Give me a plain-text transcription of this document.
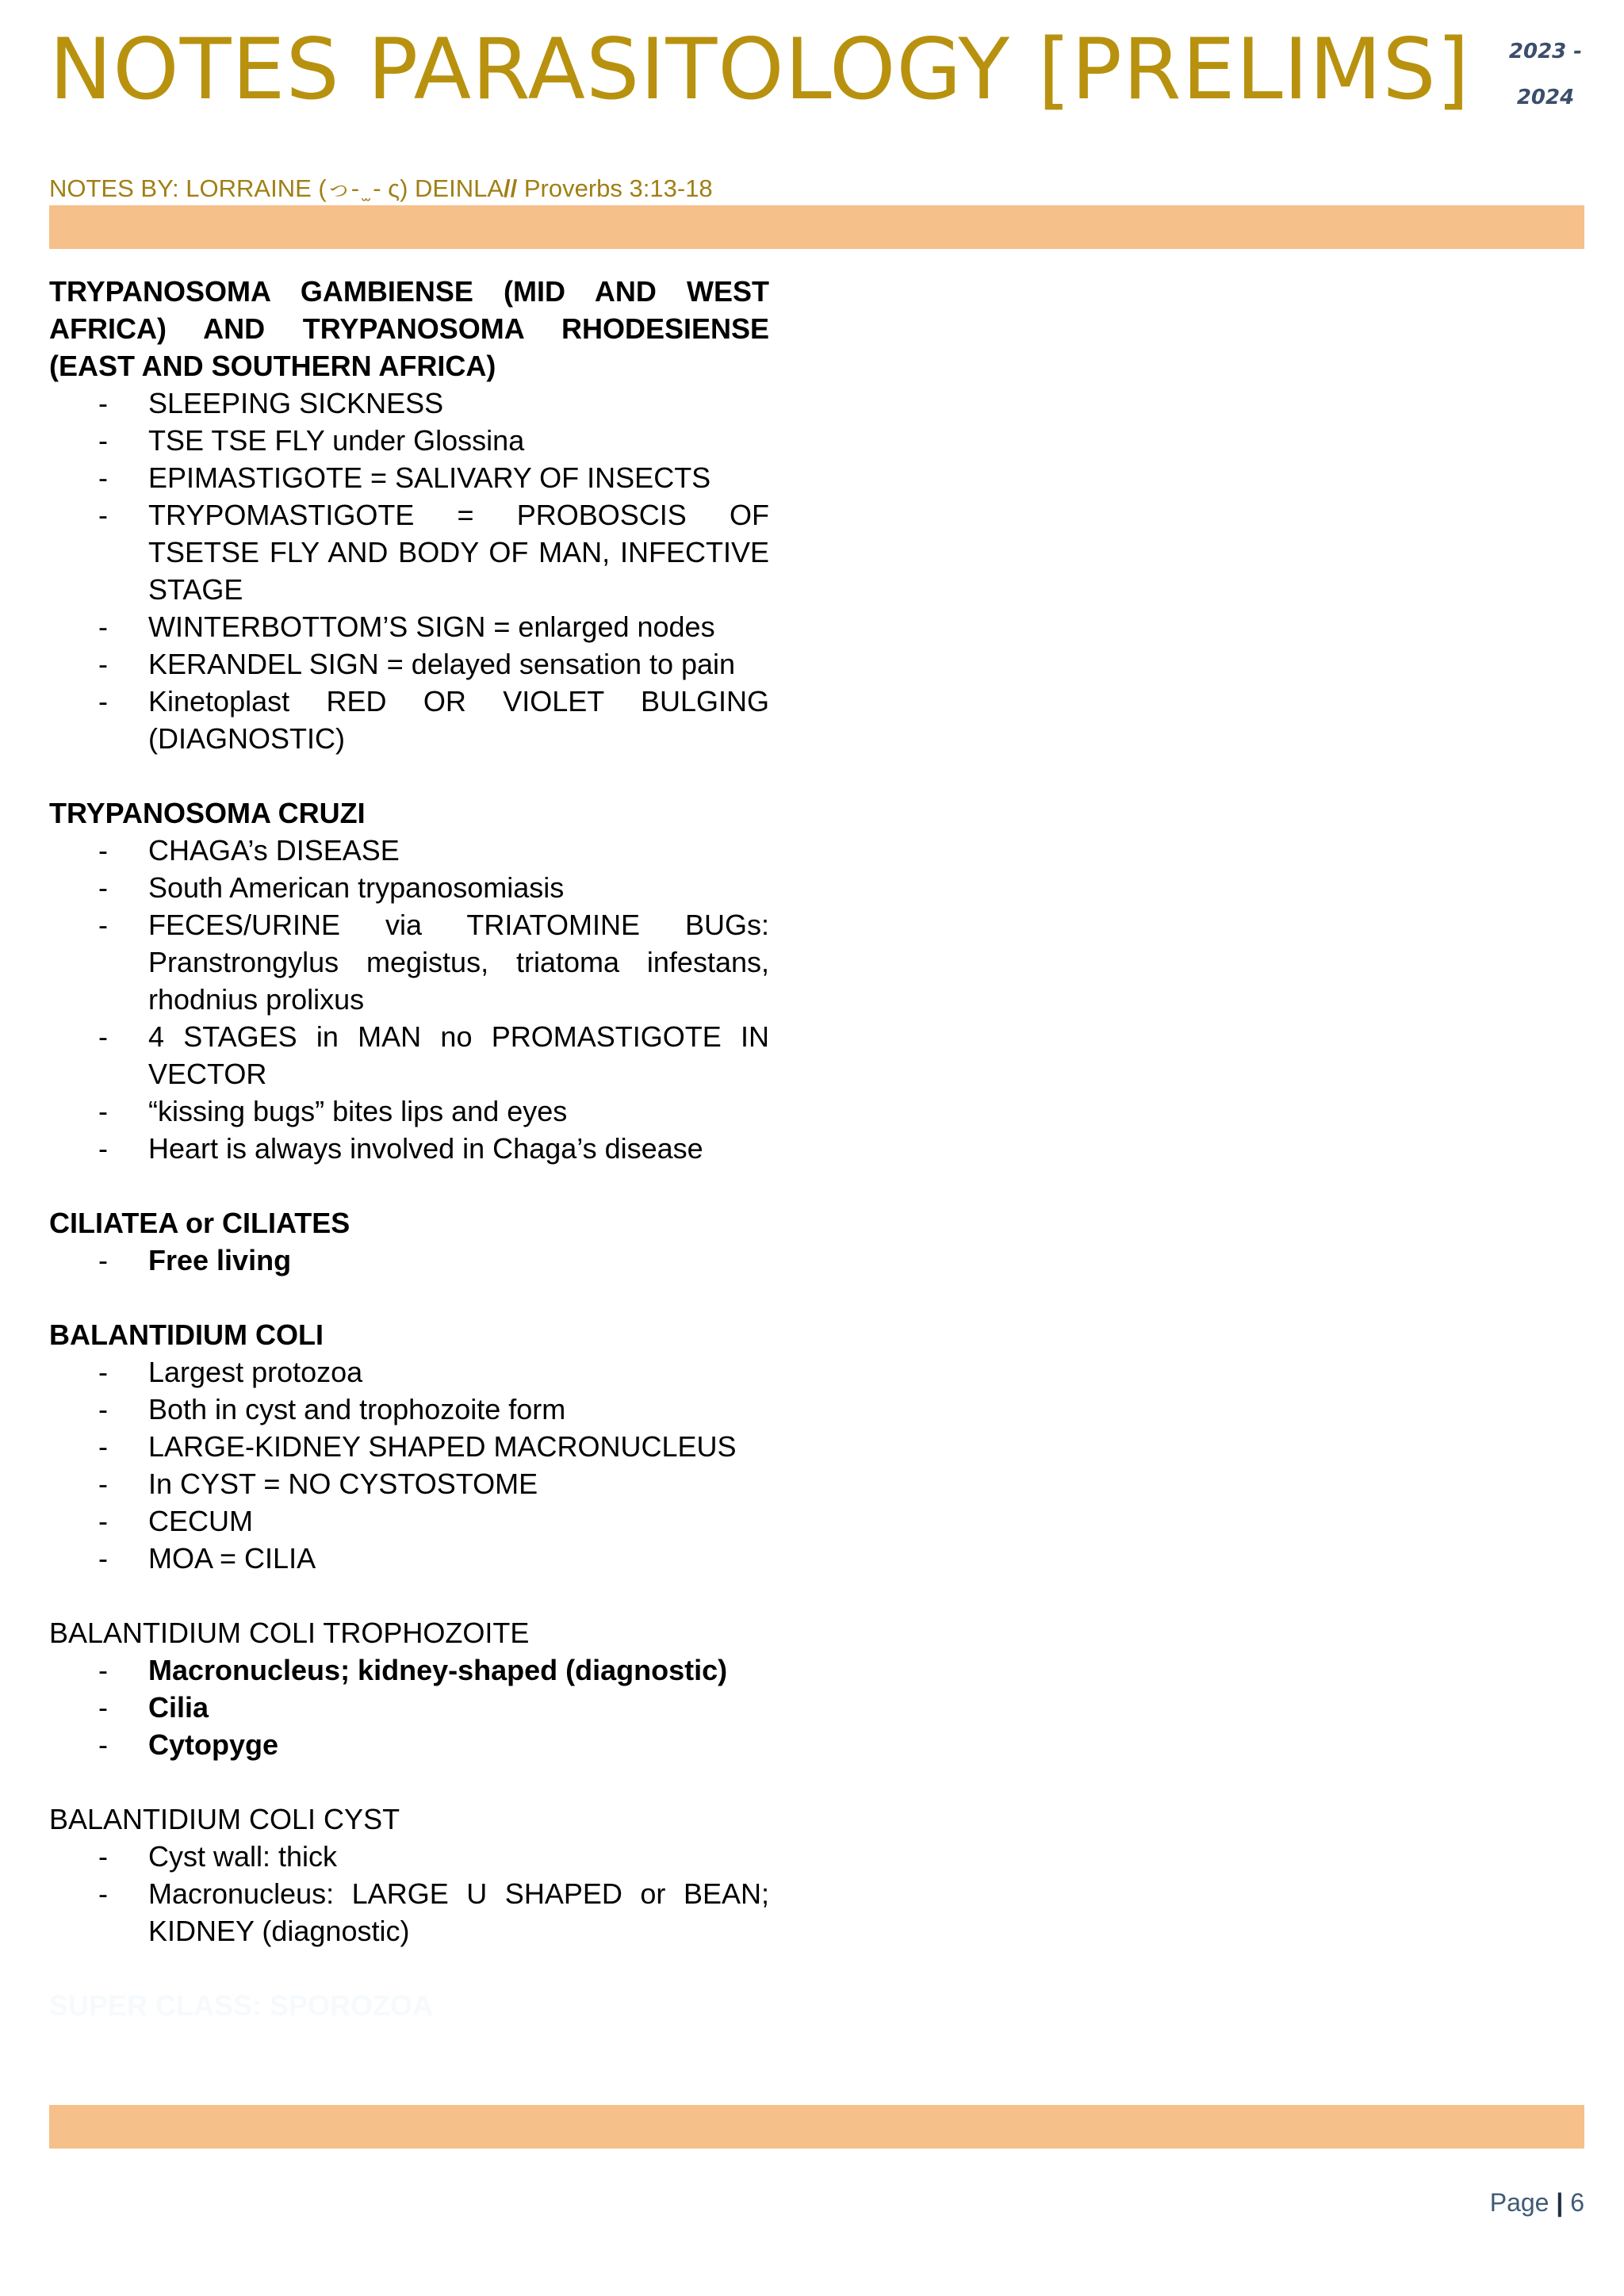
NOTES PARASITOLOGY [PRELIMS] 2023 -
2024
NOTES BY: LORRAINE (っ- ̫ - ς) DEINLA// Proverbs 3:13-18

TRYPANOSOMA GAMBIENSE (MID AND WEST AFRICA) AND TRYPANOSOMA RHODESIENSE (EAST AND SOUTHERN AFRICA)

- SLEEPING SICKNESS
- TSE TSE FLY under Glossina
- EPIMASTIGOTE = SALIVARY OF INSECTS
- TRYPOMASTIGOTE = PROBOSCIS OF TSETSE FLY AND BODY OF MAN, INFECTIVE STAGE
- WINTERBOTTOM’S SIGN = enlarged nodes
- KERANDEL SIGN = delayed sensation to pain
- Kinetoplast RED OR VIOLET BULGING (DIAGNOSTIC)

TRYPANOSOMA CRUZI

- CHAGA’s DISEASE
- South American trypanosomiasis
- FECES/URINE via TRIATOMINE BUGs: Pranstrongylus megistus, triatoma infestans, rhodnius prolixus
- 4 STAGES in MAN no PROMASTIGOTE IN VECTOR
- “kissing bugs” bites lips and eyes
- Heart is always involved in Chaga’s disease

CILIATEA or CILIATES

- Free living

BALANTIDIUM COLI

- Largest protozoa
- Both in cyst and trophozoite form
- LARGE-KIDNEY SHAPED MACRONUCLEUS
- In CYST = NO CYSTOSTOME
- CECUM
- MOA = CILIA

BALANTIDIUM COLI TROPHOZOITE

- Macronucleus; kidney-shaped (diagnostic)
- Cilia
- Cytopyge

BALANTIDIUM COLI CYST

- Cyst wall: thick
- Macronucleus: LARGE U SHAPED or BEAN; KIDNEY (diagnostic)

SUPER CLASS: SPOROZOA

Page | 6
